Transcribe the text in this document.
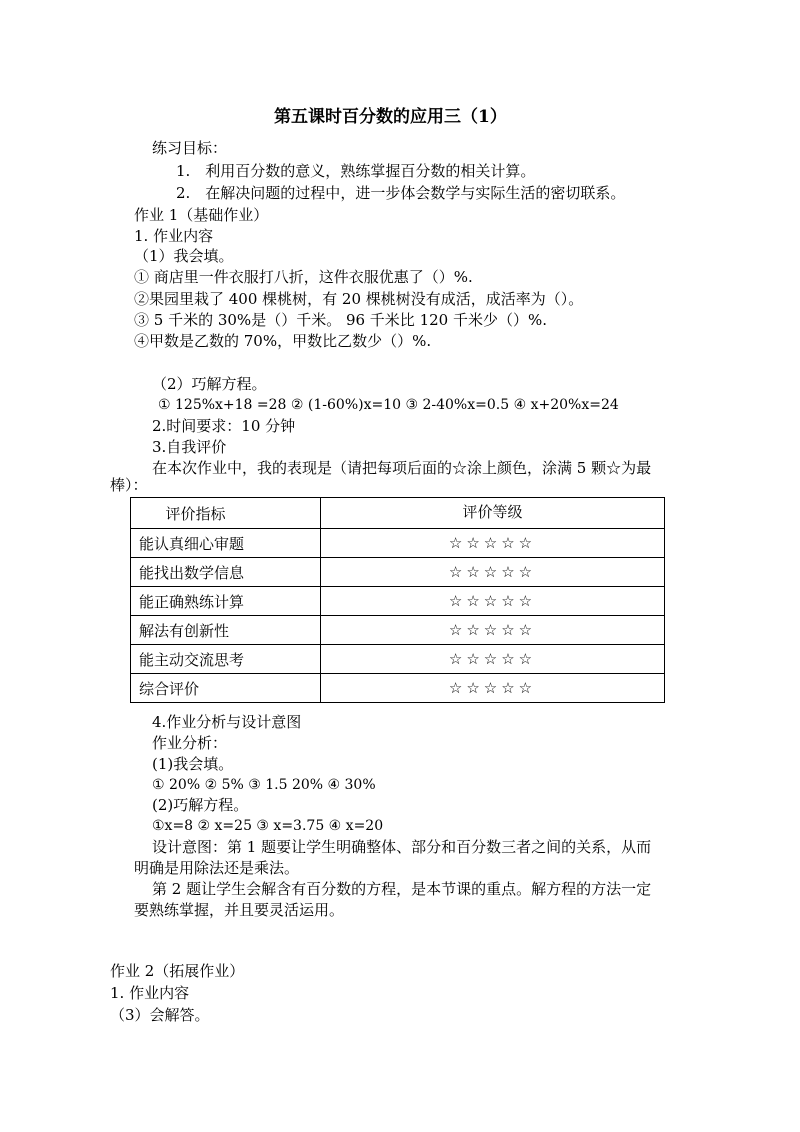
第五课时百分数的应用三（1）
练习目标：
1.　利用百分数的意义，熟练掌握百分数的相关计算。
2.　在解决问题的过程中，进一步体会数学与实际生活的密切联系。
作业 1（基础作业）
1. 作业内容
（1）我会填。
① 商店里一件衣服打八折，这件衣服优惠了（）%.
②果园里栽了 400 棵桃树，有 20 棵桃树没有成活，成活率为（）。
③ 5 千米的 30%是（）千米。 96 千米比 120 千米少（）%.
④甲数是乙数的 70%，甲数比乙数少（）%.
（2）巧解方程。
① 125%x+18 =28 ② (1-60%)x=10 ③ 2-40%x=0.5 ④ x+20%x=24
2.时间要求：10 分钟
3.自我评价
在本次作业中，我的表现是（请把每项后面的☆涂上颜色，涂满 5 颗☆为最
棒）：
评价指标	评价等级
能认真细心审题	☆☆☆☆☆
能找出数学信息	☆☆☆☆☆
能正确熟练计算	☆☆☆☆☆
解法有创新性	☆☆☆☆☆
能主动交流思考	☆☆☆☆☆
综合评价	☆☆☆☆☆
4.作业分析与设计意图
作业分析：
(1)我会填。
① 20% ② 5% ③ 1.5 20% ④ 30%
(2)巧解方程。
①x=8 ② x=25 ③ x=3.75 ④ x=20
设计意图：第 1 题要让学生明确整体、部分和百分数三者之间的关系，从而
明确是用除法还是乘法。
第 2 题让学生会解含有百分数的方程，是本节课的重点。解方程的方法一定
要熟练掌握，并且要灵活运用。
作业 2（拓展作业）
1. 作业内容
（3）会解答。
